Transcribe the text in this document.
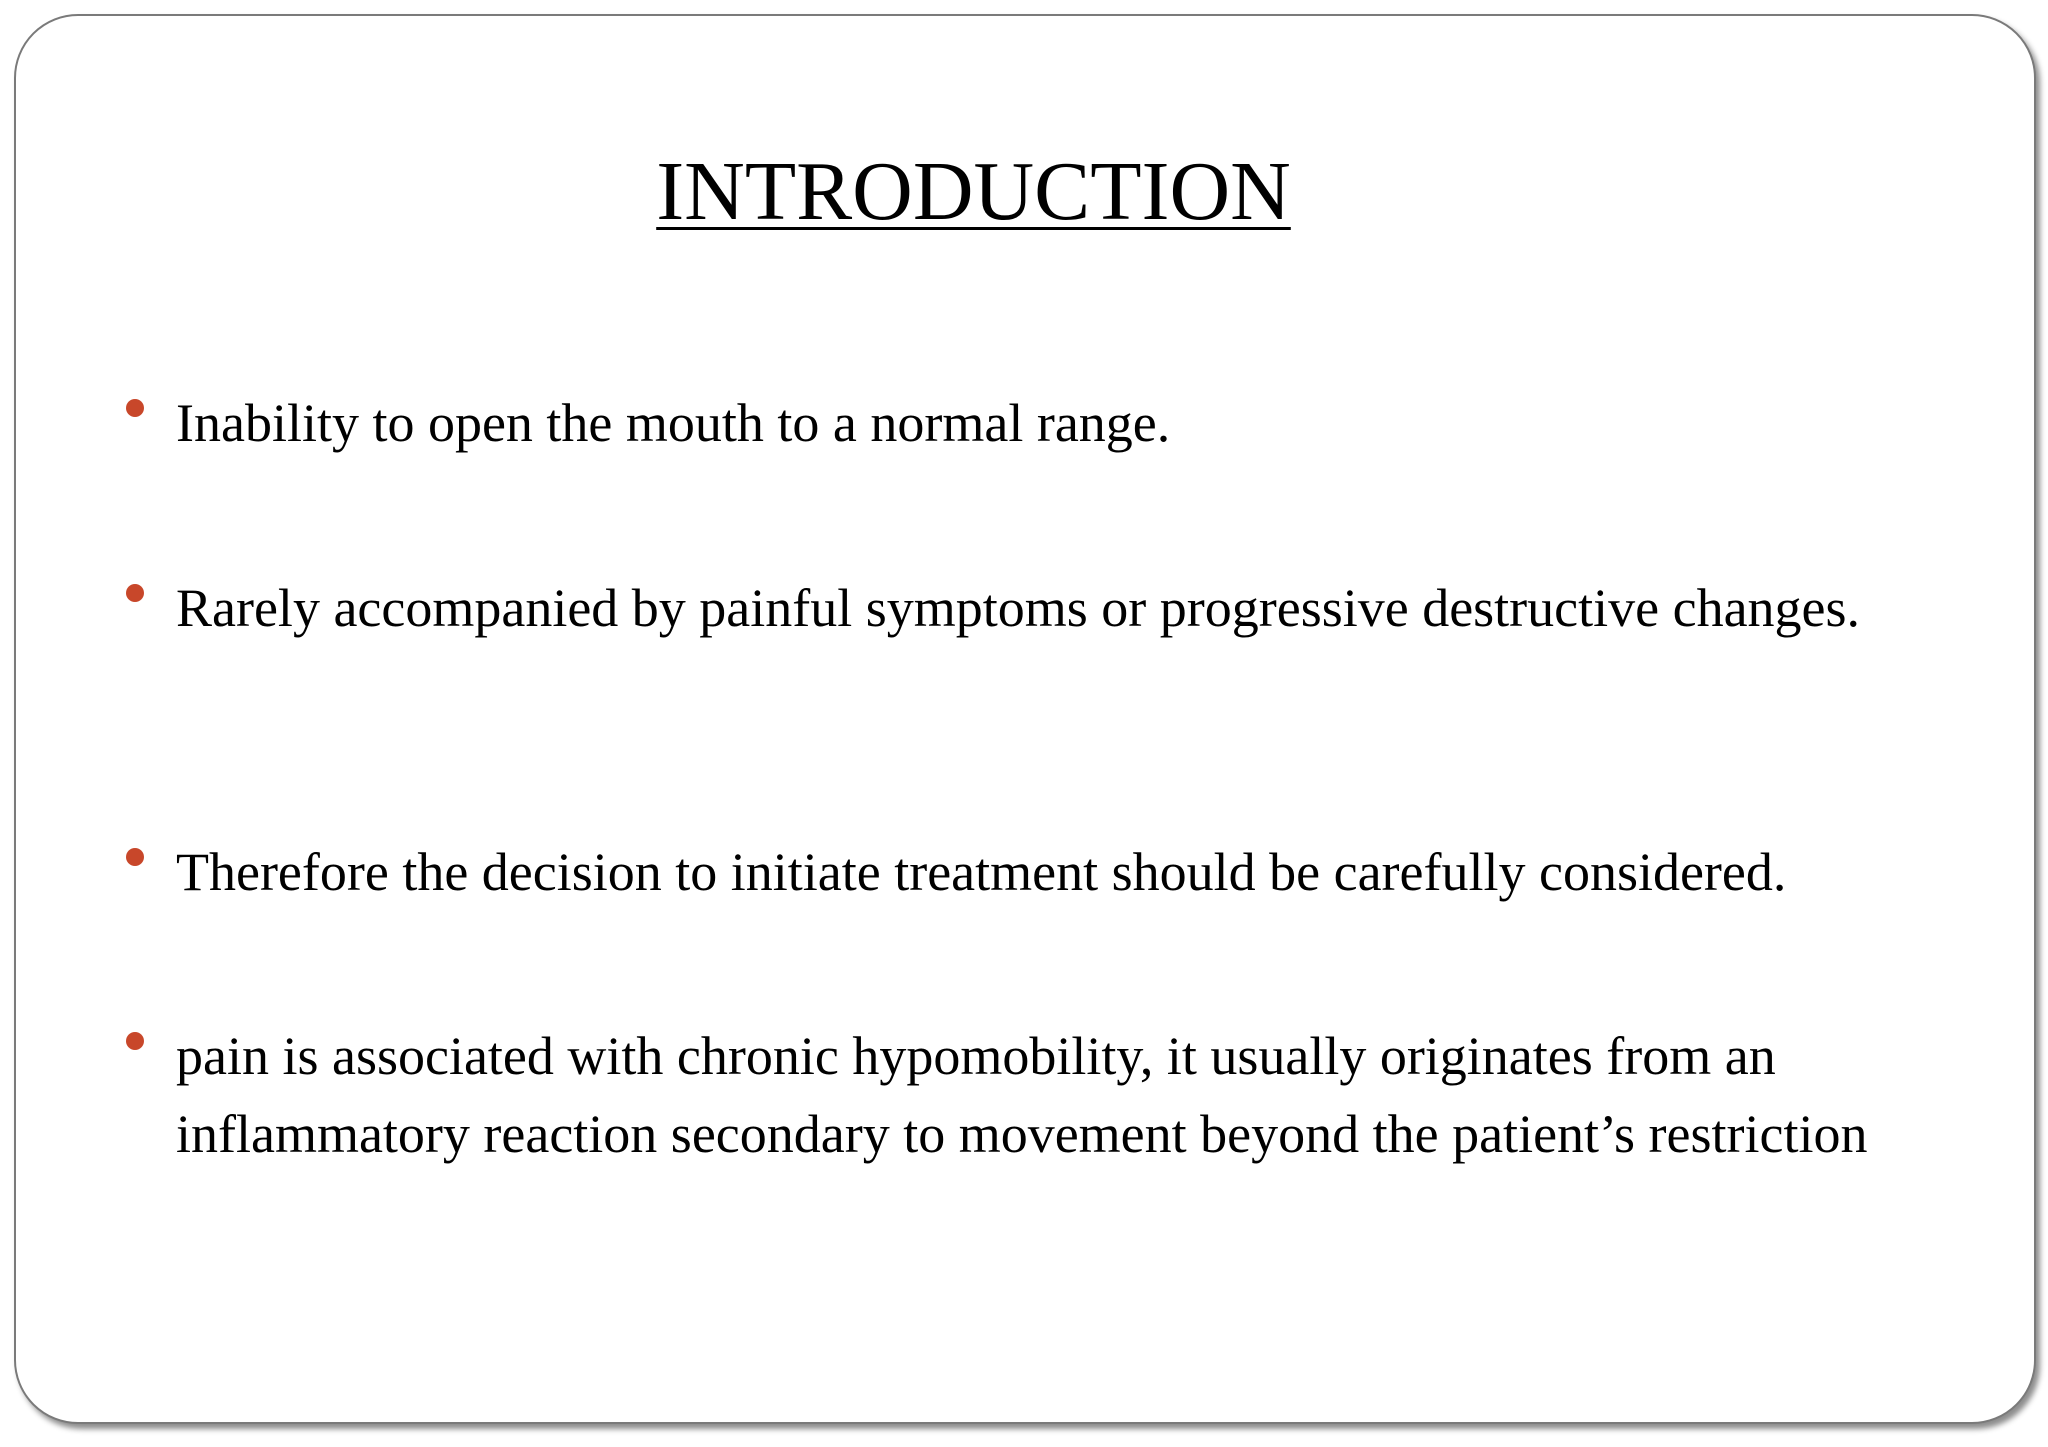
INTRODUCTION
Inability to open the mouth to a normal range.
Rarely accompanied by painful symptoms or progressive destructive changes.
Therefore the decision to initiate treatment should be carefully considered.
pain is associated with chronic hypomobility, it usually originates from an inflammatory reaction secondary to movement beyond the patient’s restriction
